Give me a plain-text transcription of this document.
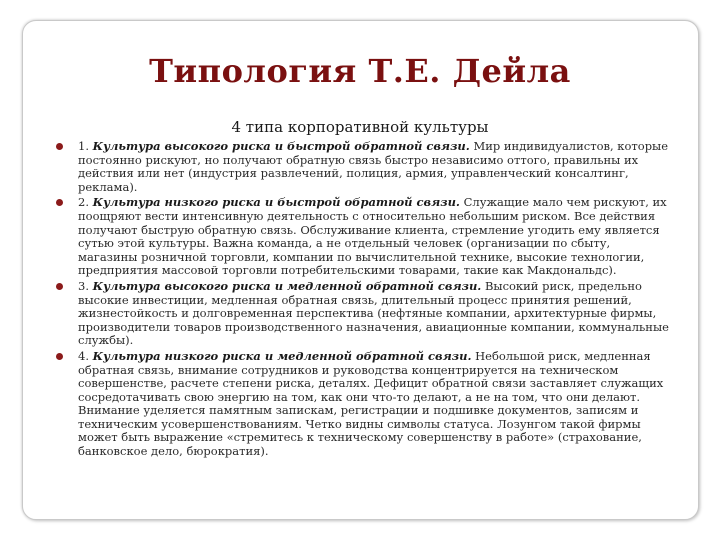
Типология Т.Е. Дейла
4 типа корпоративной культуры
1. Культура высокого риска и быстрой обратной связи. Мир индивидуалистов, которые постоянно рискуют, но получают обратную связь быстро независимо оттого, правильны их действия или нет (индустрия развлечений, полиция, армия, управленческий консалтинг, реклама).
2. Культура низкого риска и быстрой обратной связи. Служащие мало чем рискуют, их поощряют вести интенсивную деятельность с относительно небольшим риском. Все действия получают быструю обратную связь. Обслуживание клиента, стремление угодить ему является сутью этой культуры. Важна команда, а не отдельный человек (организации по сбыту, магазины розничной торговли, компании по вычислительной технике, высокие технологии, предприятия массовой торговли потребительскими товарами, такие как Макдональдс).
3. Культура высокого риска и медленной обратной связи. Высокий риск, предельно высокие инвестиции, медленная обратная связь, длительный процесс принятия решений, жизнестойкость и долговременная перспектива (нефтяные компании, архитектурные фирмы, производители товаров производственного назначения, авиационные компании, коммунальные службы).
4. Культура низкого риска и медленной обратной связи. Небольшой риск, медленная обратная связь, внимание сотрудников и руководства концентрируется на техническом совершенстве, расчете степени риска, деталях. Дефицит обратной связи заставляет служащих сосредотачивать свою энергию на том, как они что-то делают, а не на том, что они делают. Внимание уделяется памятным запискам, регистрации и подшивке документов, записям и техническим усовершенствованиям. Четко видны символы статуса. Лозунгом такой фирмы может быть выражение «стремитесь к техническому совершенству в работе» (страхование, банковское дело, бюрократия).
